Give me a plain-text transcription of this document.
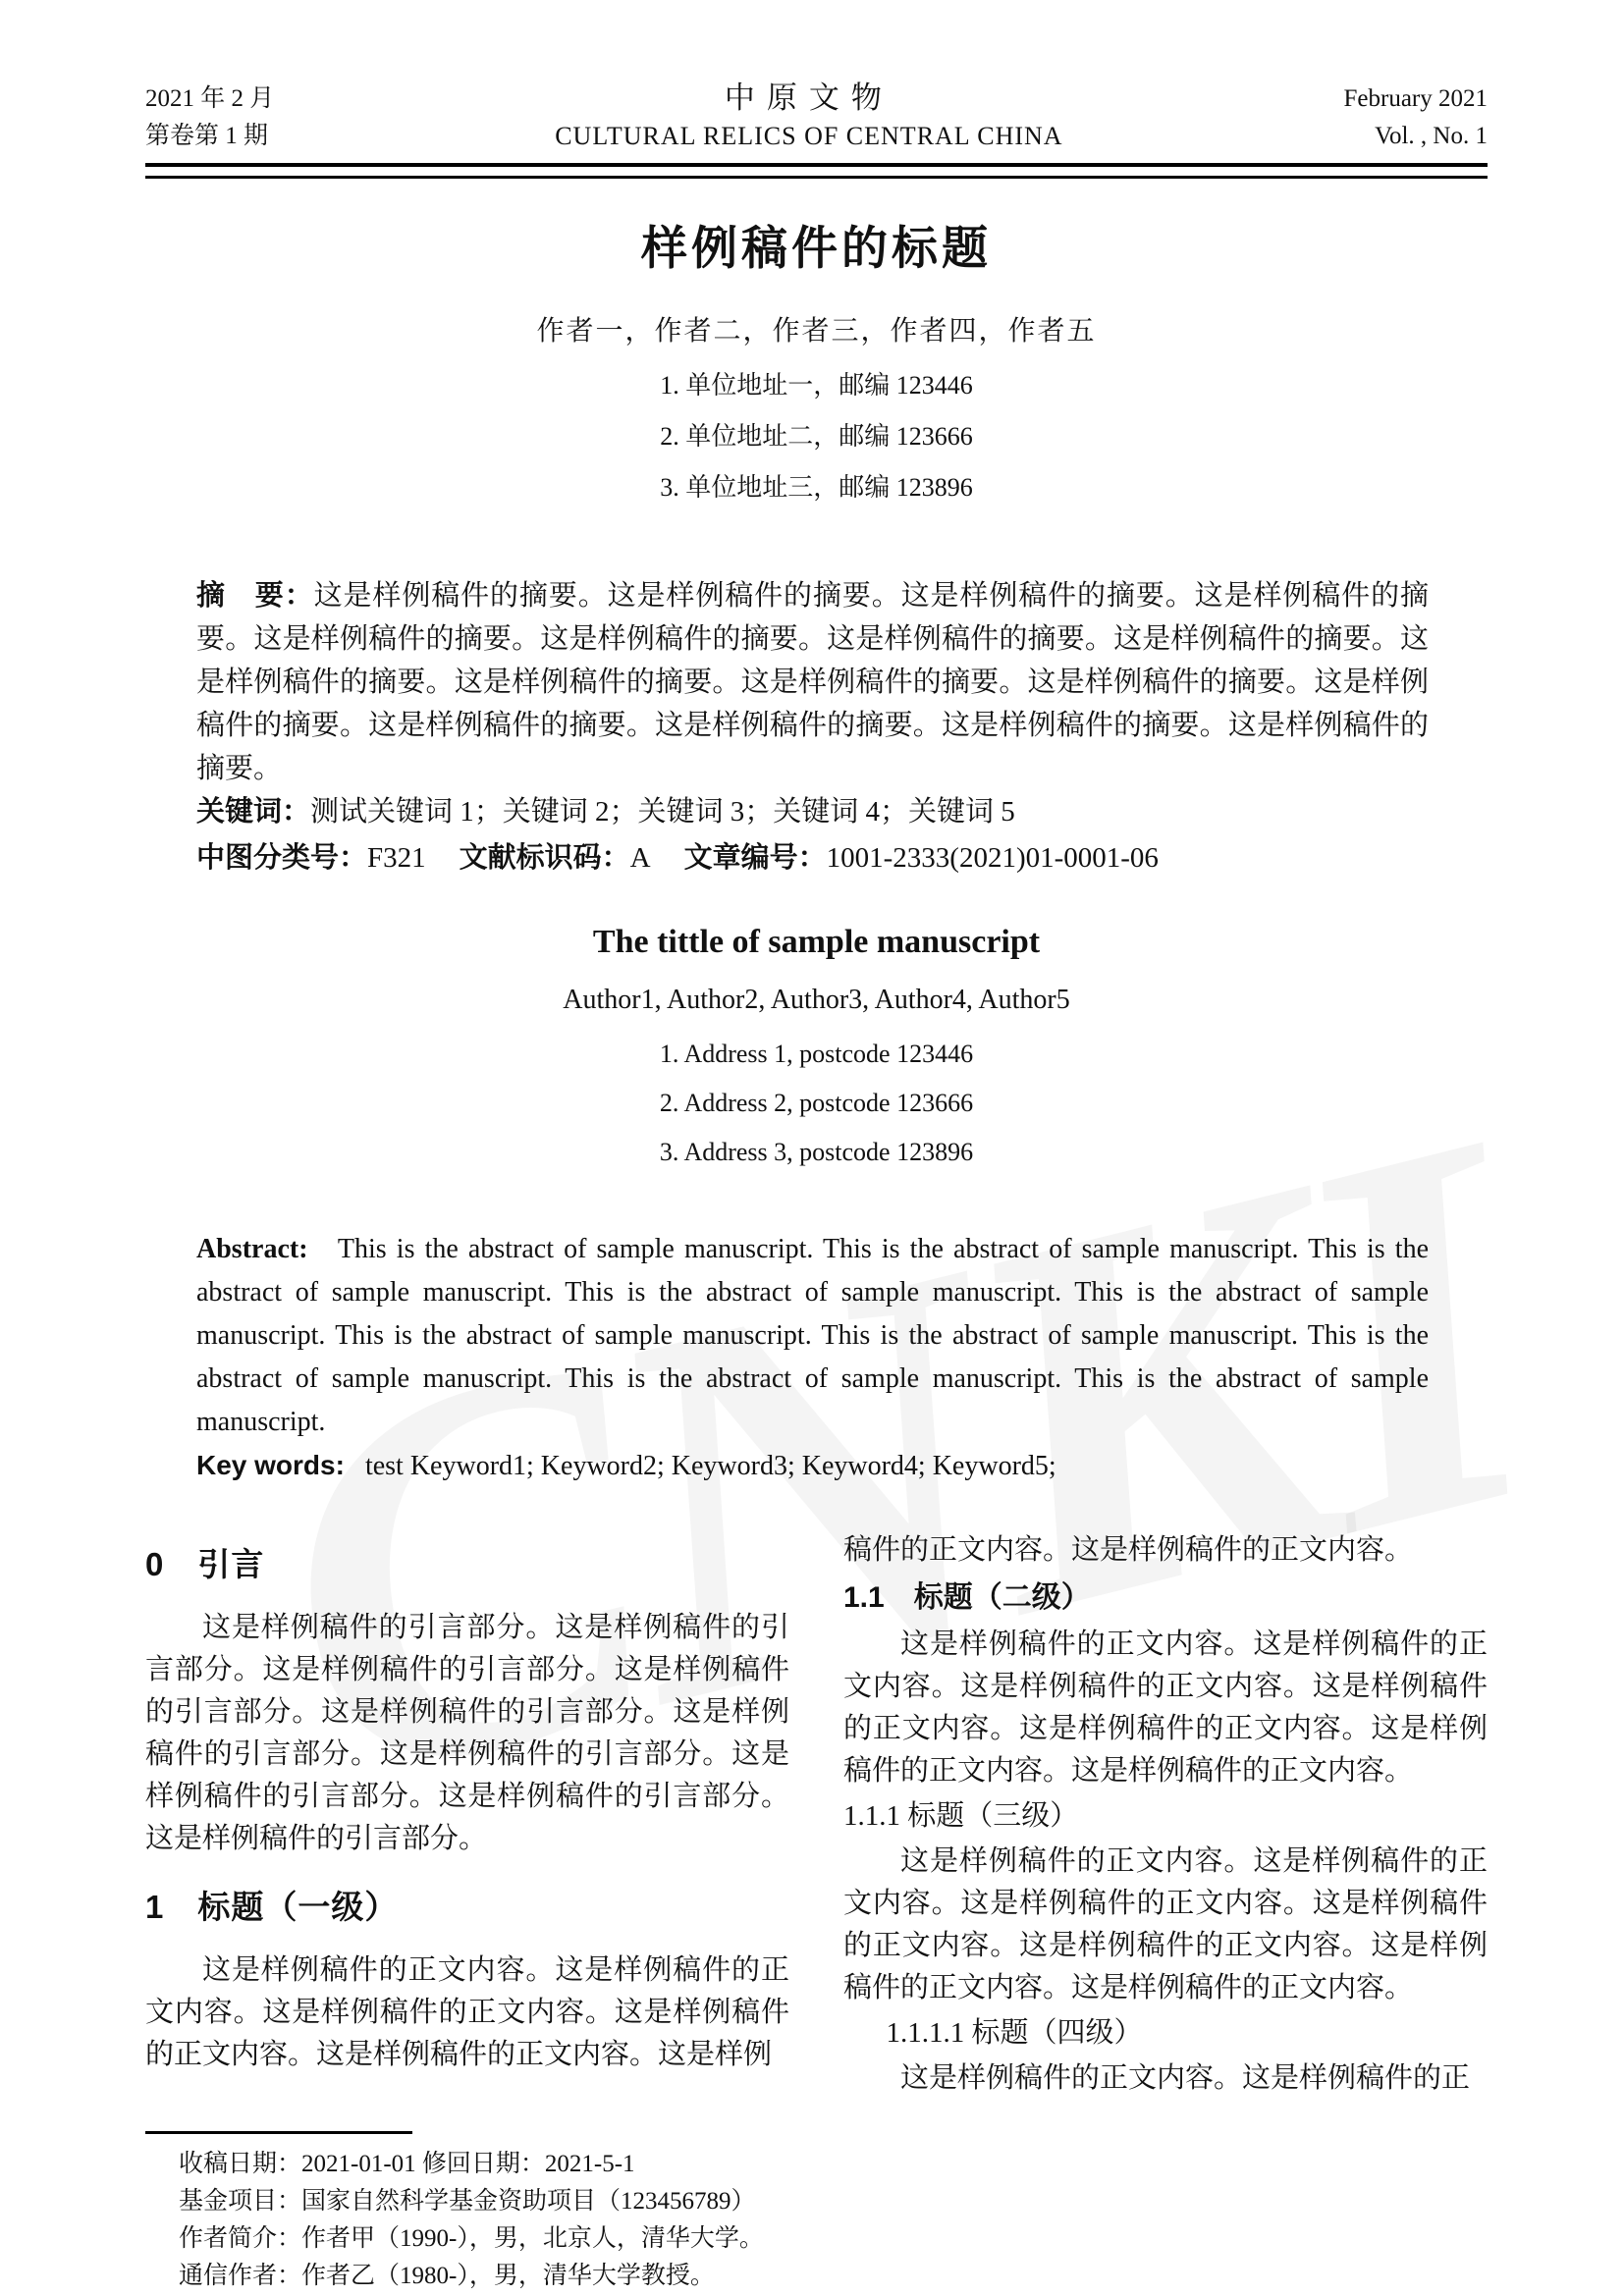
2021 年 2 月
第卷第 1 期
中原文物
CULTURAL RELICS OF CENTRAL CHINA
February 2021
Vol. , No. 1
样例稿件的标题
作者一，作者二，作者三，作者四，作者五
1. 单位地址一，邮编 123446
2. 单位地址二，邮编 123666
3. 单位地址三，邮编 123896
摘　要：这是样例稿件的摘要。这是样例稿件的摘要。这是样例稿件的摘要。这是样例稿件的摘要。这是样例稿件的摘要。这是样例稿件的摘要。这是样例稿件的摘要。这是样例稿件的摘要。这是样例稿件的摘要。这是样例稿件的摘要。这是样例稿件的摘要。这是样例稿件的摘要。这是样例稿件的摘要。这是样例稿件的摘要。这是样例稿件的摘要。这是样例稿件的摘要。这是样例稿件的摘要。
关键词：测试关键词 1；关键词 2；关键词 3；关键词 4；关键词 5
中图分类号：F321 文献标识码：A 文章编号：1001-2333(2021)01-0001-06
The tittle of sample manuscript
Author1, Author2, Author3, Author4, Author5
1. Address 1, postcode 123446
2. Address 2, postcode 123666
3. Address 3, postcode 123896
Abstract: This is the abstract of sample manuscript. This is the abstract of sample manuscript. This is the abstract of sample manuscript. This is the abstract of sample manuscript. This is the abstract of sample manuscript. This is the abstract of sample manuscript. This is the abstract of sample manuscript. This is the abstract of sample manuscript. This is the abstract of sample manuscript. This is the abstract of sample manuscript.
Key words: test Keyword1; Keyword2; Keyword3; Keyword4; Keyword5;
0　引言

这是样例稿件的引言部分。这是样例稿件的引言部分。这是样例稿件的引言部分。这是样例稿件的引言部分。这是样例稿件的引言部分。这是样例稿件的引言部分。这是样例稿件的引言部分。这是样例稿件的引言部分。这是样例稿件的引言部分。这是样例稿件的引言部分。

1　标题（一级）

这是样例稿件的正文内容。这是样例稿件的正文内容。这是样例稿件的正文内容。这是样例稿件的正文内容。这是样例稿件的正文内容。这是样例

收稿日期：2021-01-01 修回日期：2021-5-1
基金项目：国家自然科学基金资助项目（123456789）
作者简介：作者甲（1990-），男，北京人，清华大学。
通信作者：作者乙（1980-），男，清华大学教授。

稿件的正文内容。这是样例稿件的正文内容。

1.1　标题（二级）

这是样例稿件的正文内容。这是样例稿件的正文内容。这是样例稿件的正文内容。这是样例稿件的正文内容。这是样例稿件的正文内容。这是样例稿件的正文内容。这是样例稿件的正文内容。

1.1.1 标题（三级）

这是样例稿件的正文内容。这是样例稿件的正文内容。这是样例稿件的正文内容。这是样例稿件的正文内容。这是样例稿件的正文内容。这是样例稿件的正文内容。这是样例稿件的正文内容。

1.1.1.1 标题（四级）

这是样例稿件的正文内容。这是样例稿件的正
